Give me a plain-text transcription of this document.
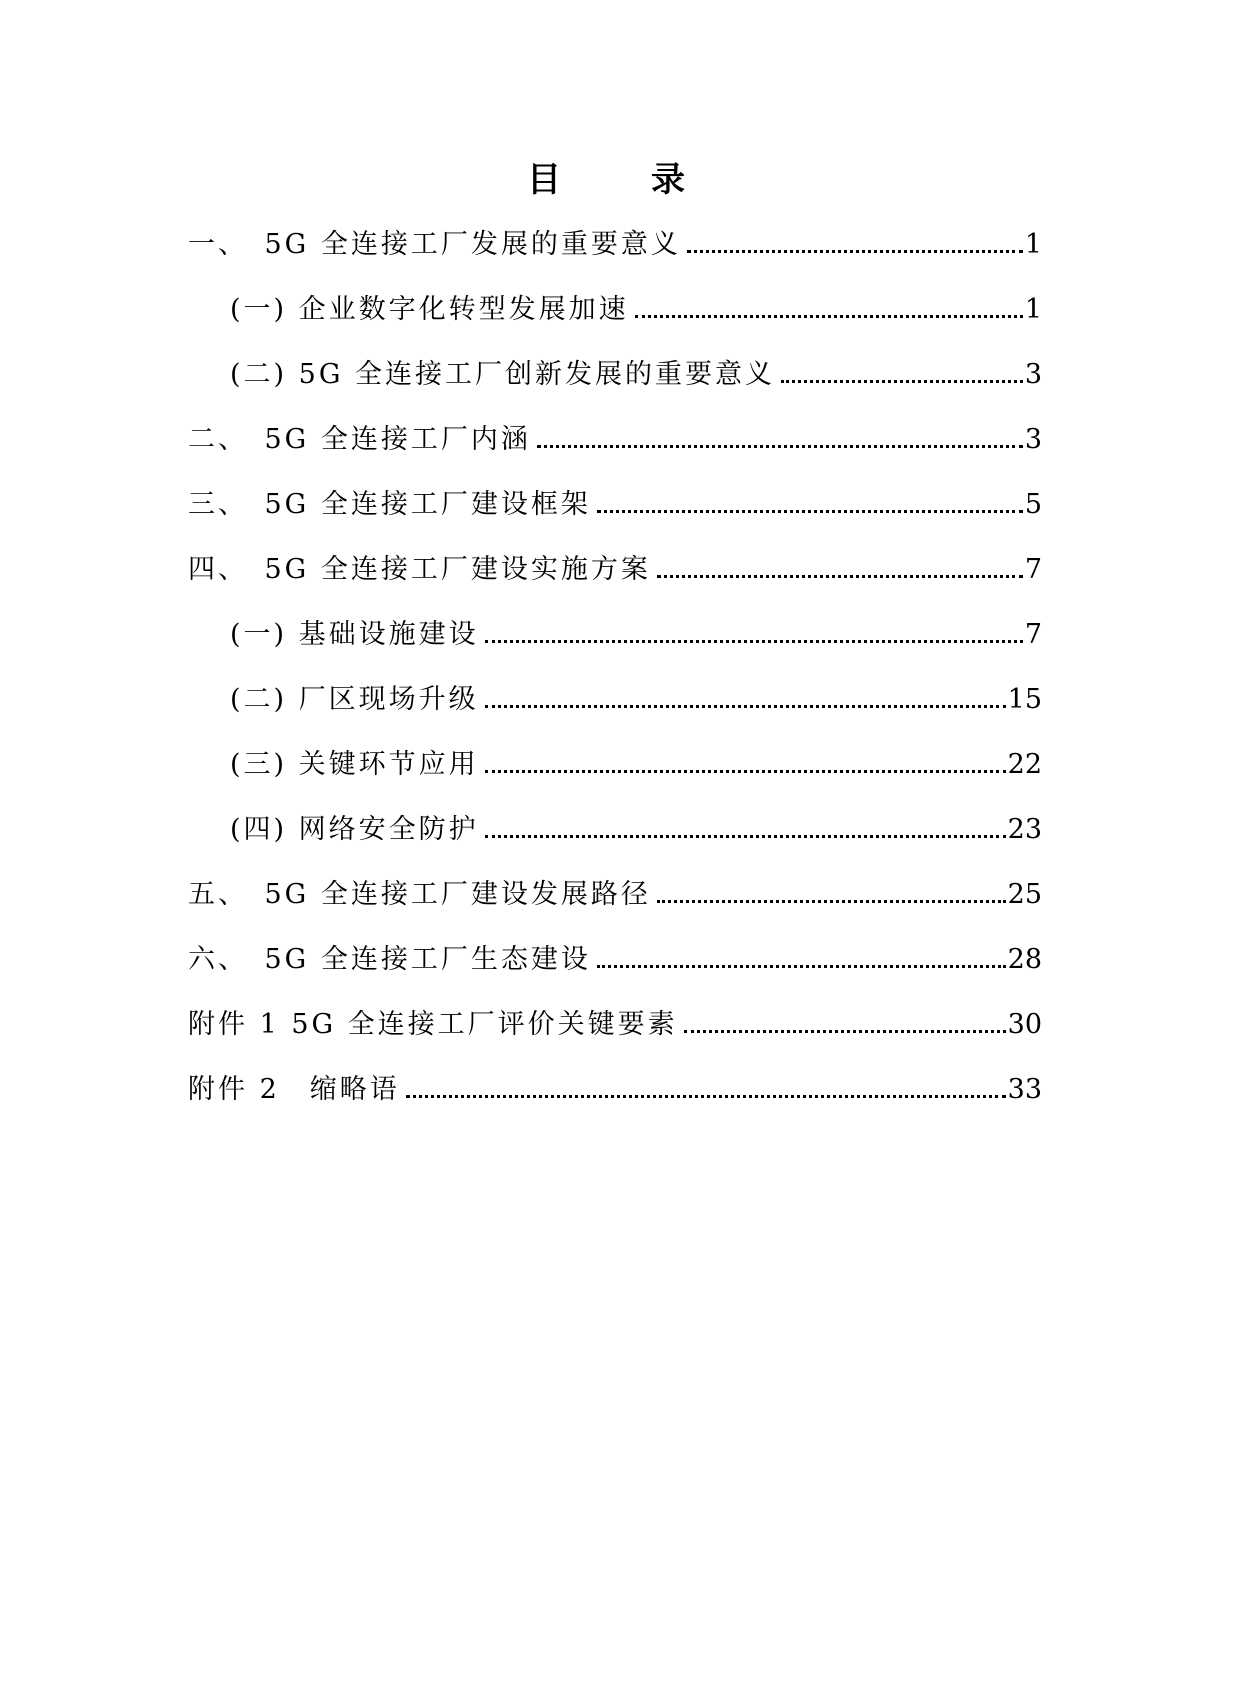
目　录
一、　5G 全连接工厂发展的重要意义	1
(一) 企业数字化转型发展加速	1
(二) 5G 全连接工厂创新发展的重要意义	3
二、　5G 全连接工厂内涵	3
三、　5G 全连接工厂建设框架	5
四、　5G 全连接工厂建设实施方案	7
(一) 基础设施建设	7
(二) 厂区现场升级	15
(三) 关键环节应用	22
(四) 网络安全防护	23
五、　5G 全连接工厂建设发展路径	25
六、　5G 全连接工厂生态建设	28
附件 1 5G 全连接工厂评价关键要素	30
附件 2　缩略语	33
